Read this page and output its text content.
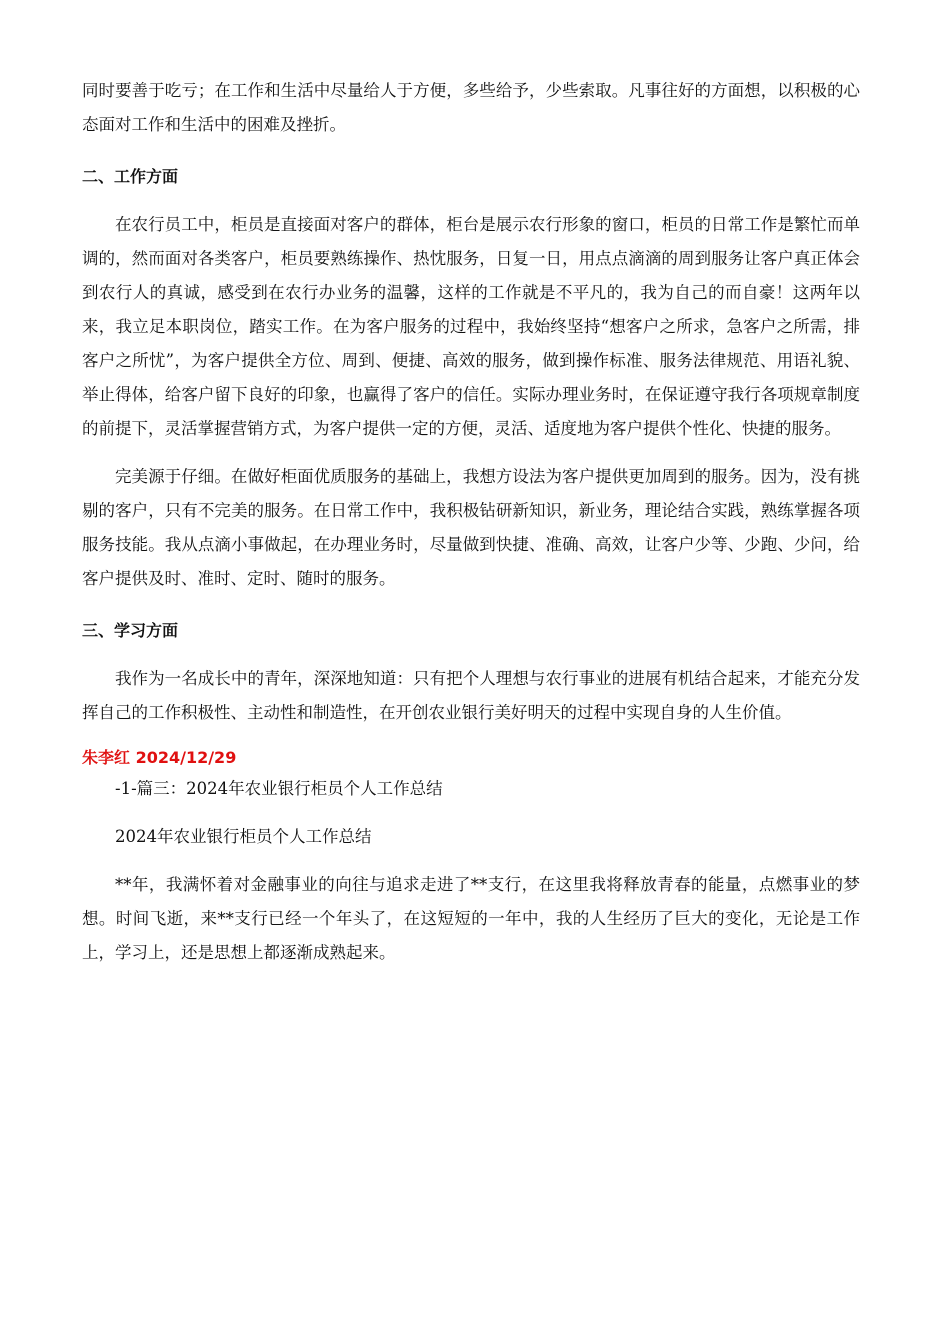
同时要善于吃亏；在工作和生活中尽量给人于方便，多些给予，少些索取。凡事往好的方面想，以积极的心态面对工作和生活中的困难及挫折。

二、工作方面

在农行员工中，柜员是直接面对客户的群体，柜台是展示农行形象的窗口，柜员的日常工作是繁忙而单调的，然而面对各类客户，柜员要熟练操作、热忱服务，日复一日，用点点滴滴的周到服务让客户真正体会到农行人的真诚，感受到在农行办业务的温馨，这样的工作就是不平凡的，我为自己的而自豪！这两年以来，我立足本职岗位，踏实工作。在为客户服务的过程中，我始终坚持“想客户之所求，急客户之所需，排客户之所忧”，为客户提供全方位、周到、便捷、高效的服务，做到操作标准、服务法律规范、用语礼貌、举止得体，给客户留下良好的印象，也赢得了客户的信任。实际办理业务时，在保证遵守我行各项规章制度的前提下，灵活掌握营销方式，为客户提供一定的方便，灵活、适度地为客户提供个性化、快捷的服务。

完美源于仔细。在做好柜面优质服务的基础上，我想方设法为客户提供更加周到的服务。因为，没有挑剔的客户，只有不完美的服务。在日常工作中，我积极钻研新知识，新业务，理论结合实践，熟练掌握各项服务技能。我从点滴小事做起，在办理业务时，尽量做到快捷、准确、高效，让客户少等、少跑、少问，给客户提供及时、准时、定时、随时的服务。

三、学习方面

我作为一名成长中的青年，深深地知道：只有把个人理想与农行事业的进展有机结合起来，才能充分发挥自己的工作积极性、主动性和制造性，在开创农业银行美好明天的过程中实现自身的人生价值。

朱李红 2024/12/29

-1-篇三：2024年农业银行柜员个人工作总结

2024年农业银行柜员个人工作总结

**年，我满怀着对金融事业的向往与追求走进了**支行，在这里我将释放青春的能量，点燃事业的梦想。时间飞逝，来**支行已经一个年头了，在这短短的一年中，我的人生经历了巨大的变化，无论是工作上，学习上，还是思想上都逐渐成熟起来。
